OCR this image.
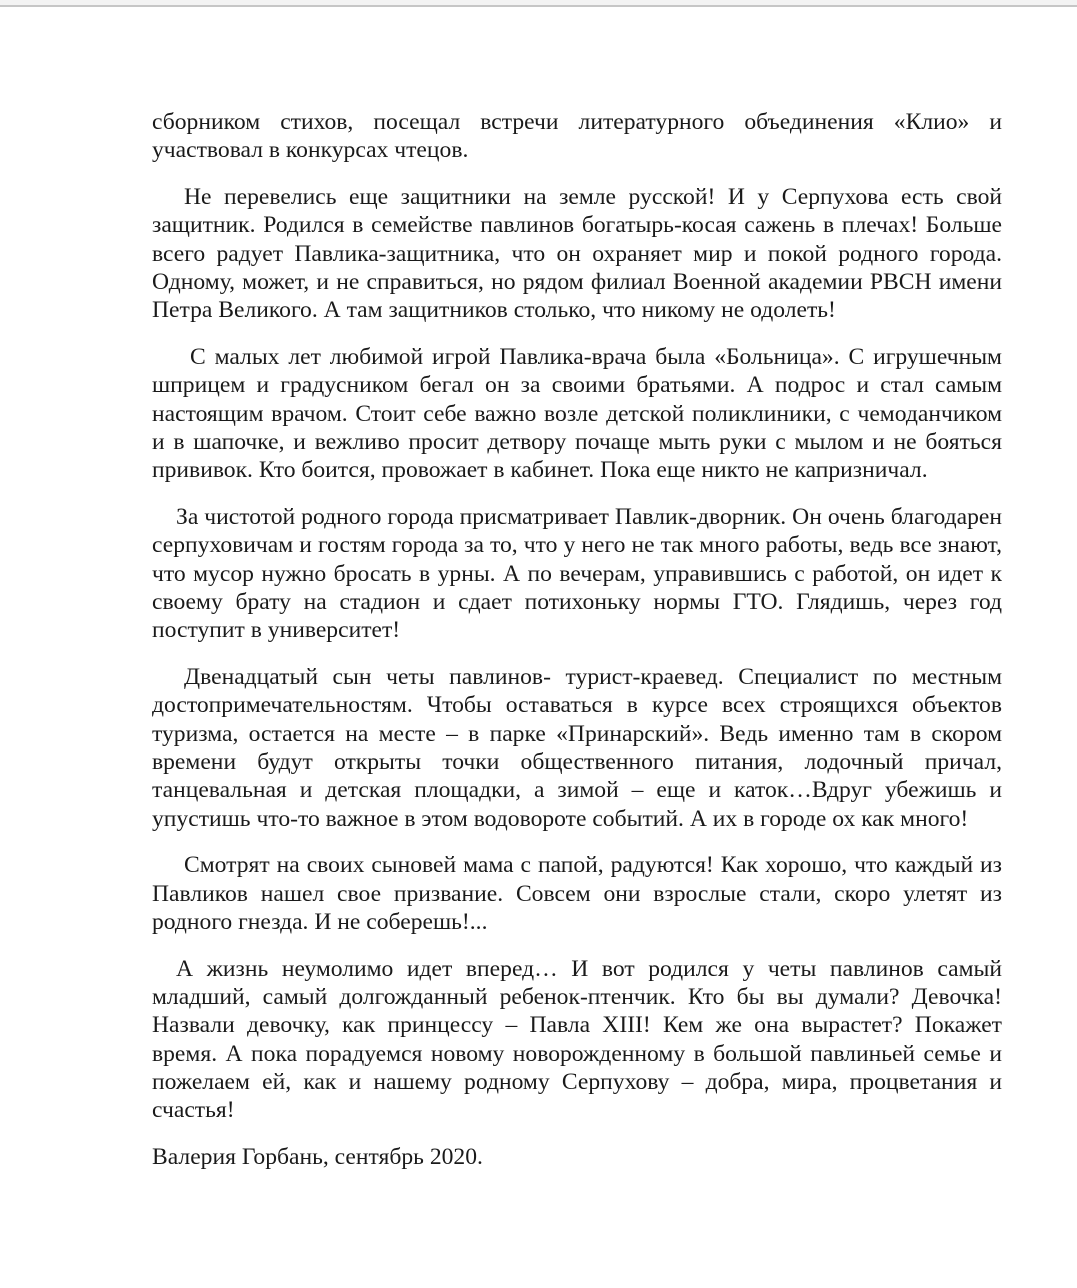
сборником стихов, посещал встречи литературного объединения «Клио» и участвовал в конкурсах чтецов.

Не перевелись еще защитники на земле русской! И у Серпухова есть свой защитник. Родился в семействе павлинов богатырь-косая сажень в плечах! Больше всего радует Павлика-защитника, что он охраняет мир и покой родного города. Одному, может, и не справиться, но рядом филиал Военной академии РВСН имени Петра Великого. А там защитников столько, что никому не одолеть!

С малых лет любимой игрой Павлика-врача была «Больница». С игрушечным шприцем и градусником бегал он за своими братьями. А подрос и стал самым настоящим врачом. Стоит себе важно возле детской поликлиники, с чемоданчиком и в шапочке, и вежливо просит детвору почаще мыть руки с мылом и не бояться прививок. Кто боится, провожает в кабинет. Пока еще никто не капризничал.

За чистотой родного города присматривает Павлик-дворник. Он очень благодарен серпуховичам и гостям города за то, что у него не так много работы, ведь все знают, что мусор нужно бросать в урны. А по вечерам, управившись с работой, он идет к своему брату на стадион и сдает потихоньку нормы ГТО. Глядишь, через год поступит в университет!

Двенадцатый сын четы павлинов- турист-краевед. Специалист по местным достопримечательностям. Чтобы оставаться в курсе всех строящихся объектов туризма, остается на месте – в парке «Принарский». Ведь именно там в скором времени будут открыты точки общественного питания, лодочный причал, танцевальная и детская площадки, а зимой – еще и каток…Вдруг убежишь и упустишь что-то важное в этом водовороте событий. А их в городе ох как много!

Смотрят на своих сыновей мама с папой, радуются! Как хорошо, что каждый из Павликов нашел свое призвание. Совсем они взрослые стали, скоро улетят из родного гнезда. И не соберешь!...

А жизнь неумолимо идет вперед… И вот родился у четы павлинов самый младший, самый долгожданный ребенок-птенчик. Кто бы вы думали? Девочка! Назвали девочку, как принцессу – Павла XIII! Кем же она вырастет? Покажет время. А пока порадуемся новому новорожденному в большой павлиньей семье и пожелаем ей, как и нашему родному Серпухову – добра, мира, процветания и счастья!

Валерия Горбань, сентябрь 2020.
